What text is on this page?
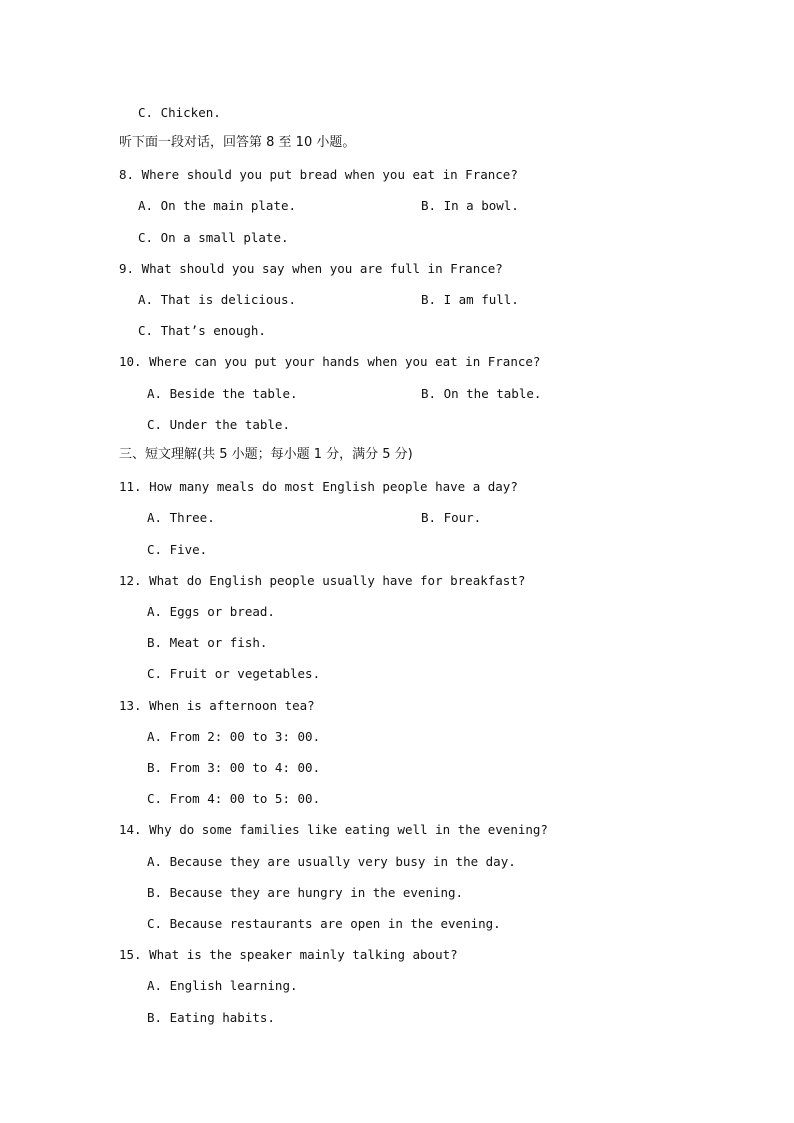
C. Chicken.
听下面一段对话，回答第 8 至 10 小题。
8. Where should you put bread when you eat in France?
A. On the main plate.	B. In a bowl.
C. On a small plate.
9. What should you say when you are full in France?
A. That is delicious.	B. I am full.
C. That’s enough.
10. Where can you put your hands when you eat in France?
A. Beside the table.	B. On the table.
C. Under the table.
三、短文理解(共 5 小题；每小题 1 分，满分 5 分)
11. How many meals do most English people have a day?
A. Three.	B. Four.
C. Five.
12. What do English people usually have for breakfast?
A. Eggs or bread.
B. Meat or fish.
C. Fruit or vegetables.
13. When is afternoon tea?
A. From 2: 00 to 3: 00.
B. From 3: 00 to 4: 00.
C. From 4: 00 to 5: 00.
14. Why do some families like eating well in the evening?
A. Because they are usually very busy in the day.
B. Because they are hungry in the evening.
C. Because restaurants are open in the evening.
15. What is the speaker mainly talking about?
A. English learning.
B. Eating habits.
